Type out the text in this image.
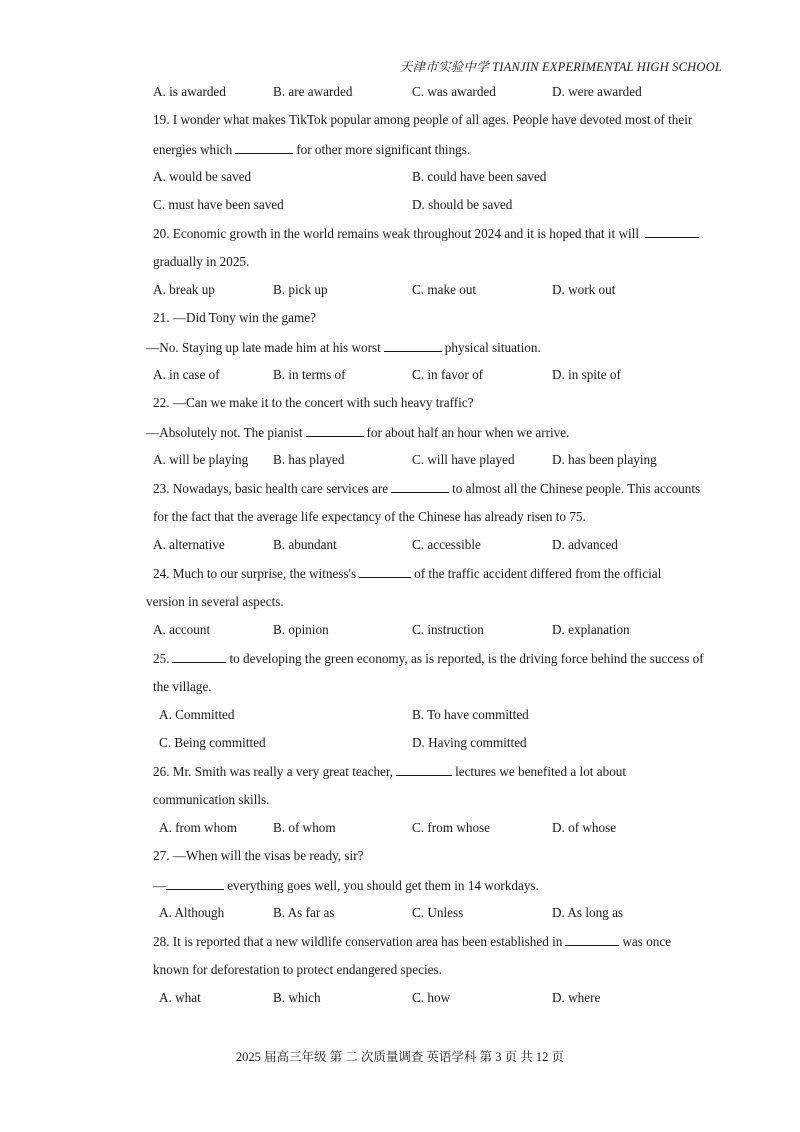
天津市实验中学 TIANJIN EXPERIMENTAL HIGH SCHOOL
A. is awarded	B. are awarded	C. was awarded	D. were awarded
19. I wonder what makes TikTok popular among people of all ages. People have devoted most of their
energies which	for other more significant things.
A. would be saved	B. could have been saved
C. must have been saved	D. should be saved
20. Economic growth in the world remains weak throughout 2024 and it is hoped that it will
gradually in 2025.
A. break up	B. pick up	C. make out	D. work out
21. —Did Tony win the game?
—No. Staying up late made him at his worst	physical situation.
A. in case of	B. in terms of	C. in favor of	D. in spite of
22. —Can we make it to the concert with such heavy traffic?
—Absolutely not. The pianist	for about half an hour when we arrive.
A. will be playing B. has played	C. will have played	D. has been playing
23. Nowadays, basic health care services are	to almost all the Chinese people. This accounts
for the fact that the average life expectancy of the Chinese has already risen to 75.
A. alternative	B. abundant	C. accessible	D. advanced
24. Much to our surprise, the witness's	of the traffic accident differed from the official
version in several aspects.
A. account	B. opinion	C. instruction	D. explanation
25.	to developing the green economy, as is reported, is the driving force behind the success of
the village.
A. Committed	B. To have committed
C. Being committed	D. Having committed
26. Mr. Smith was really a very great teacher,	lectures we benefited a lot about
communication skills.
A. from whom	B. of whom	C. from whose	D. of whose
27. —When will the visas be ready, sir?
—	everything goes well, you should get them in 14 workdays.
A. Although	B. As far as	C. Unless	D. As long as
28. It is reported that a new wildlife conservation area has been established in	was once
known for deforestation to protect endangered species.
A. what	B. which	C. how	D. where
2025 届高三年级 第 二 次质量调查 英语学科 第 3 页 共 12 页
